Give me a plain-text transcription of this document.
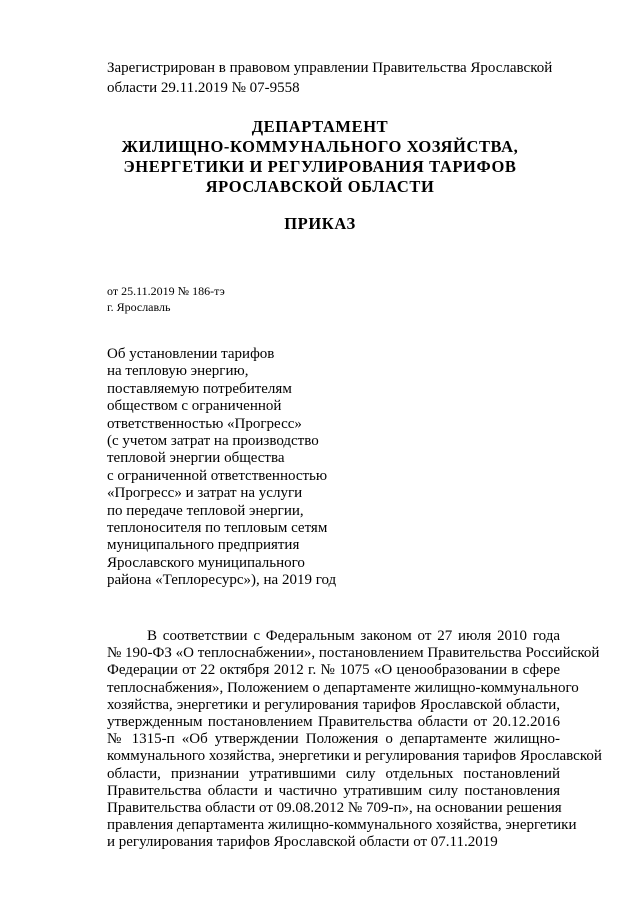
Зарегистрирован в правовом управлении Правительства Ярославской
области 29.11.2019 № 07-9558
ДЕПАРТАМЕНТ
ЖИЛИЩНО-КОММУНАЛЬНОГО ХОЗЯЙСТВА,
ЭНЕРГЕТИКИ И РЕГУЛИРОВАНИЯ ТАРИФОВ
ЯРОСЛАВСКОЙ ОБЛАСТИ
ПРИКАЗ
от 25.11.2019 № 186-тэ
г. Ярославль
Об установлении тарифов
на тепловую энергию,
поставляемую потребителям
обществом с ограниченной
ответственностью «Прогресс»
(с учетом затрат на производство
тепловой энергии общества
с ограниченной ответственностью
«Прогресс» и затрат на услуги
по передаче тепловой энергии,
теплоносителя по тепловым сетям
муниципального предприятия
Ярославского муниципального
района «Теплоресурс»), на 2019 год
В соответствии с Федеральным законом от 27 июля 2010 года
№ 190-ФЗ «О теплоснабжении», постановлением Правительства Российской
Федерации от 22 октября 2012 г. № 1075 «О ценообразовании в сфере
теплоснабжения», Положением о департаменте жилищно-коммунального
хозяйства, энергетики и регулирования тарифов Ярославской области,
утвержденным постановлением Правительства области от 20.12.2016
№ 1315-п «Об утверждении Положения о департаменте жилищно-
коммунального хозяйства, энергетики и регулирования тарифов Ярославской
области, признании утратившими силу отдельных постановлений
Правительства области и частично утратившим силу постановления
Правительства области от 09.08.2012 № 709-п», на основании решения
правления департамента жилищно-коммунального хозяйства, энергетики
и регулирования тарифов Ярославской области от 07.11.2019
